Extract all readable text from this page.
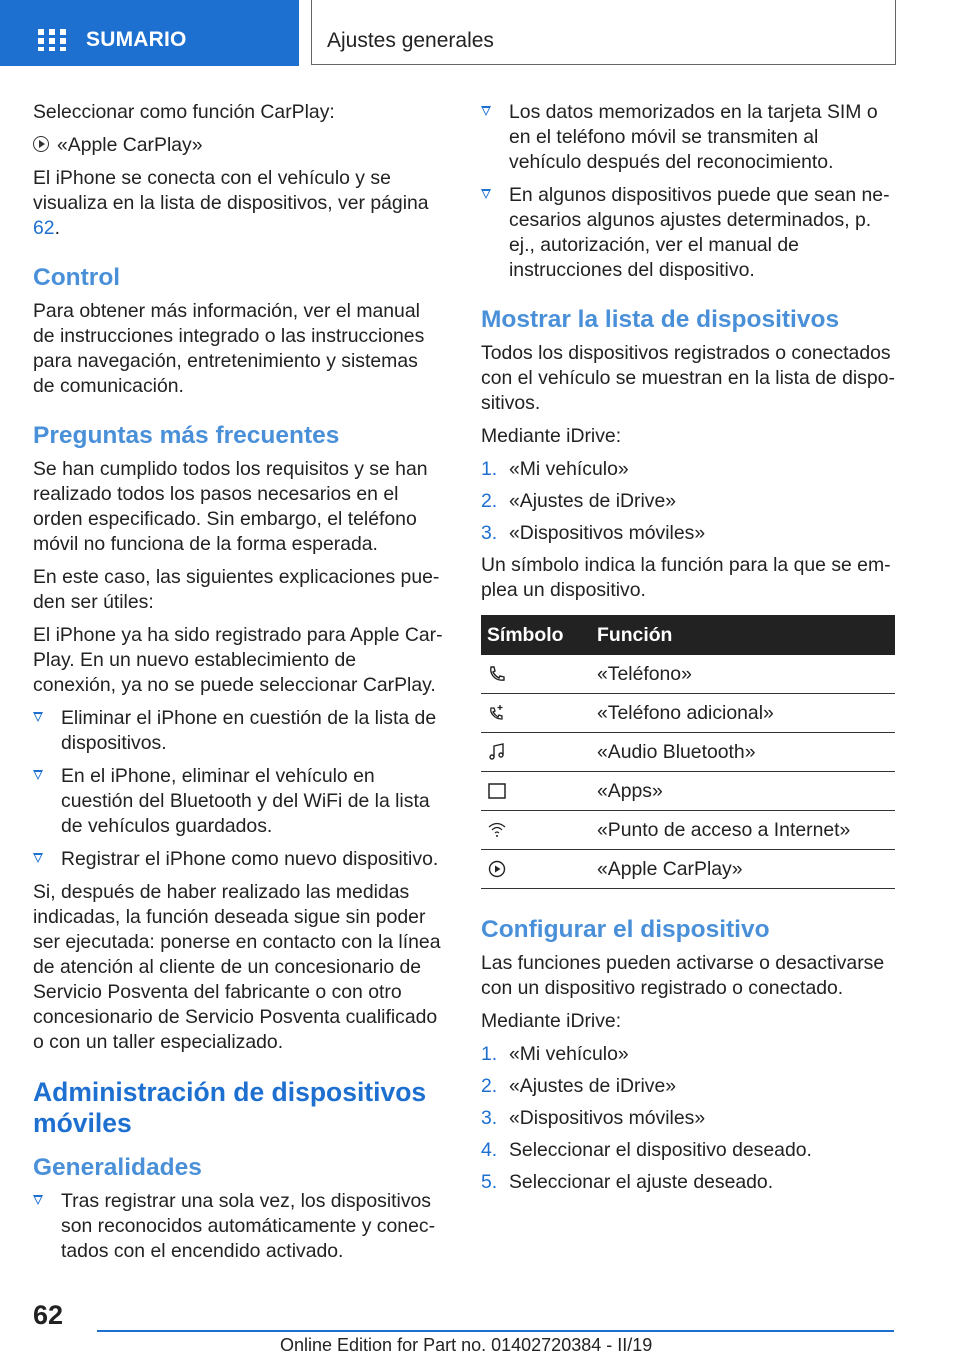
SUMARIO	Ajustes generales

Seleccionar como función CarPlay:

«Apple CarPlay»

El iPhone se conecta con el vehículo y se visualiza en la lista de dispositivos, ver página 62.

Control

Para obtener más información, ver el manual de instrucciones integrado o las instrucciones para navegación, entretenimiento y sistemas de comunicación.

Preguntas más frecuentes

Se han cumplido todos los requisitos y se han realizado todos los pasos necesarios en el orden especificado. Sin embargo, el teléfono móvil no funciona de la forma esperada.

En este caso, las siguientes explicaciones pueden ser útiles:

El iPhone ya ha sido registrado para Apple CarPlay. En un nuevo establecimiento de conexión, ya no se puede seleccionar CarPlay.

Eliminar el iPhone en cuestión de la lista de dispositivos.
En el iPhone, eliminar el vehículo en cuestión del Bluetooth y del WiFi de la lista de vehículos guardados.
Registrar el iPhone como nuevo dispositivo.

Si, después de haber realizado las medidas indicadas, la función deseada sigue sin poder ser ejecutada: ponerse en contacto con la línea de atención al cliente de un concesionario de Servicio Posventa del fabricante o con otro concesionario de Servicio Posventa cualificado o con un taller especializado.

Administración de dispositivos móviles
Generalidades
Tras registrar una sola vez, los dispositivos son reconocidos automáticamente y conectados con el encendido activado.
Los datos memorizados en la tarjeta SIM o en el teléfono móvil se transmiten al vehículo después del reconocimiento.
En algunos dispositivos puede que sean necesarios algunos ajustes determinados, p. ej., autorización, ver el manual de instrucciones del dispositivo.
Mostrar la lista de dispositivos

Todos los dispositivos registrados o conectados con el vehículo se muestran en la lista de dispositivos.

Mediante iDrive:

1. «Mi vehículo»
2. «Ajustes de iDrive»
3. «Dispositivos móviles»

Un símbolo indica la función para la que se emplea un dispositivo.

Símbolo	Función
	«Teléfono»
	«Teléfono adicional»
	«Audio Bluetooth»
	«Apps»
	«Punto de acceso a Internet»
	«Apple CarPlay»
Configurar el dispositivo

Las funciones pueden activarse o desactivarse con un dispositivo registrado o conectado.

Mediante iDrive:

1. «Mi vehículo»
2. «Ajustes de iDrive»
3. «Dispositivos móviles»
4. Seleccionar el dispositivo deseado.
5. Seleccionar el ajuste deseado.
62
Online Edition for Part no. 01402720384 - II/19
